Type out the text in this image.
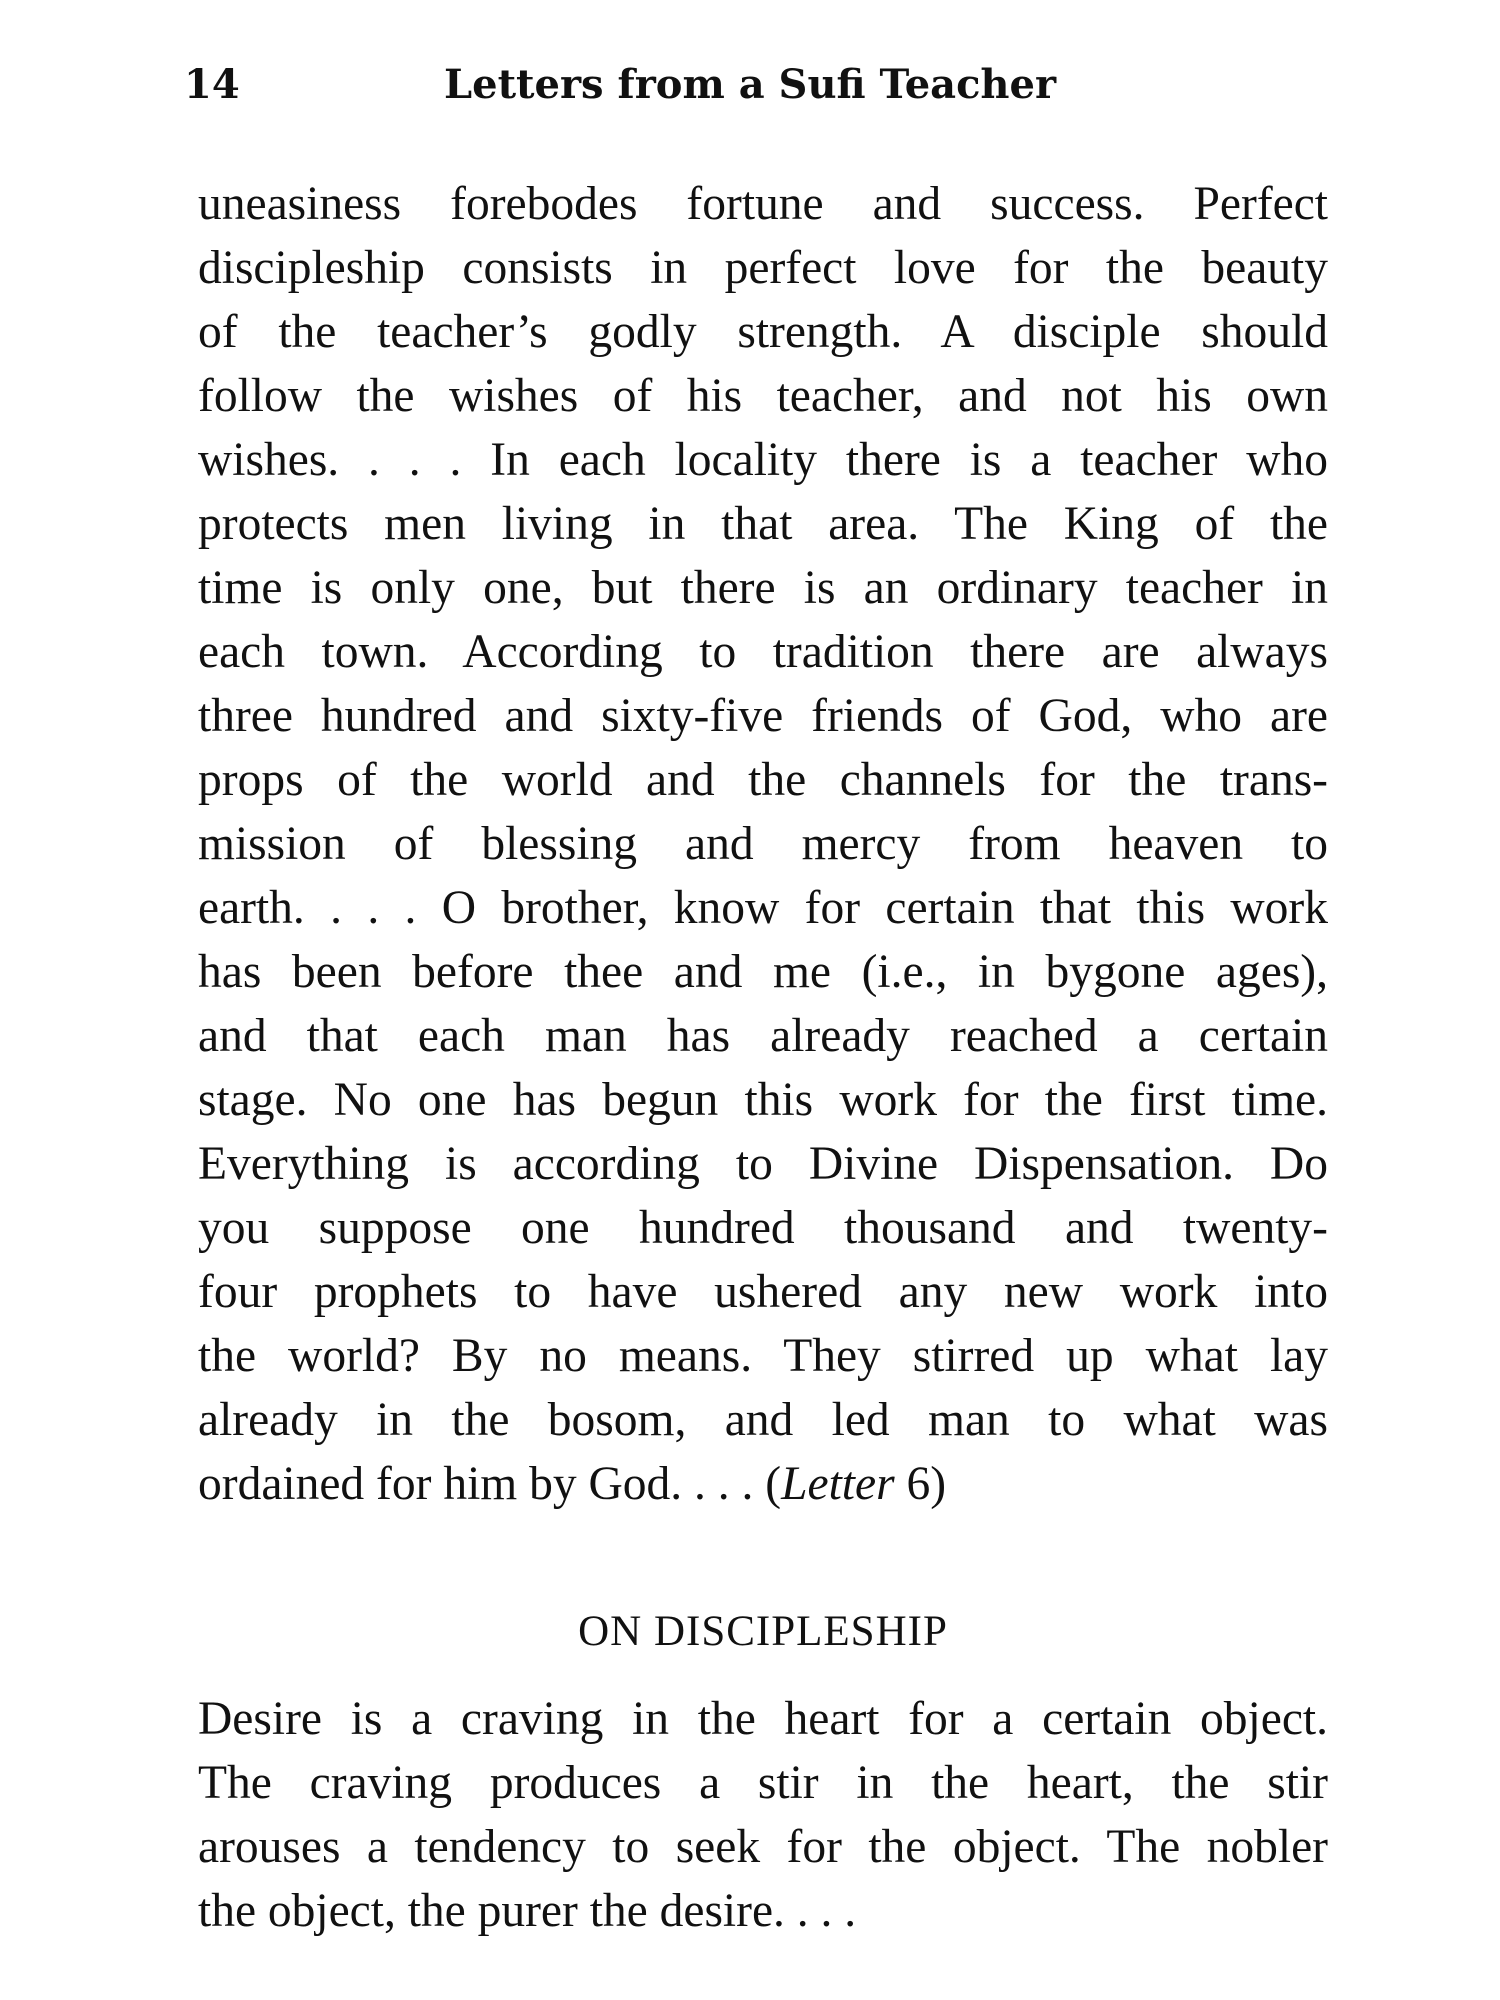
14	Letters from a Sufi Teacher
uneasiness forebodes fortune and success. Perfect
discipleship consists in perfect love for the beauty
of the teacher’s godly strength. A disciple should
follow the wishes of his teacher, and not his own
wishes. . . . In each locality there is a teacher who
protects men living in that area. The King of the
time is only one, but there is an ordinary teacher in
each town. According to tradition there are always
three hundred and sixty-five friends of God, who are
props of the world and the channels for the trans-
mission of blessing and mercy from heaven to
earth. . . . O brother, know for certain that this work
has been before thee and me (i.e., in bygone ages),
and that each man has already reached a certain
stage. No one has begun this work for the first time.
Everything is according to Divine Dispensation. Do
you suppose one hundred thousand and twenty-
four prophets to have ushered any new work into
the world? By no means. They stirred up what lay
already in the bosom, and led man to what was
ordained for him by God. . . . (Letter 6)
ON DISCIPLESHIP
Desire is a craving in the heart for a certain object.
The craving produces a stir in the heart, the stir
arouses a tendency to seek for the object. The nobler
the object, the purer the desire. . . .
